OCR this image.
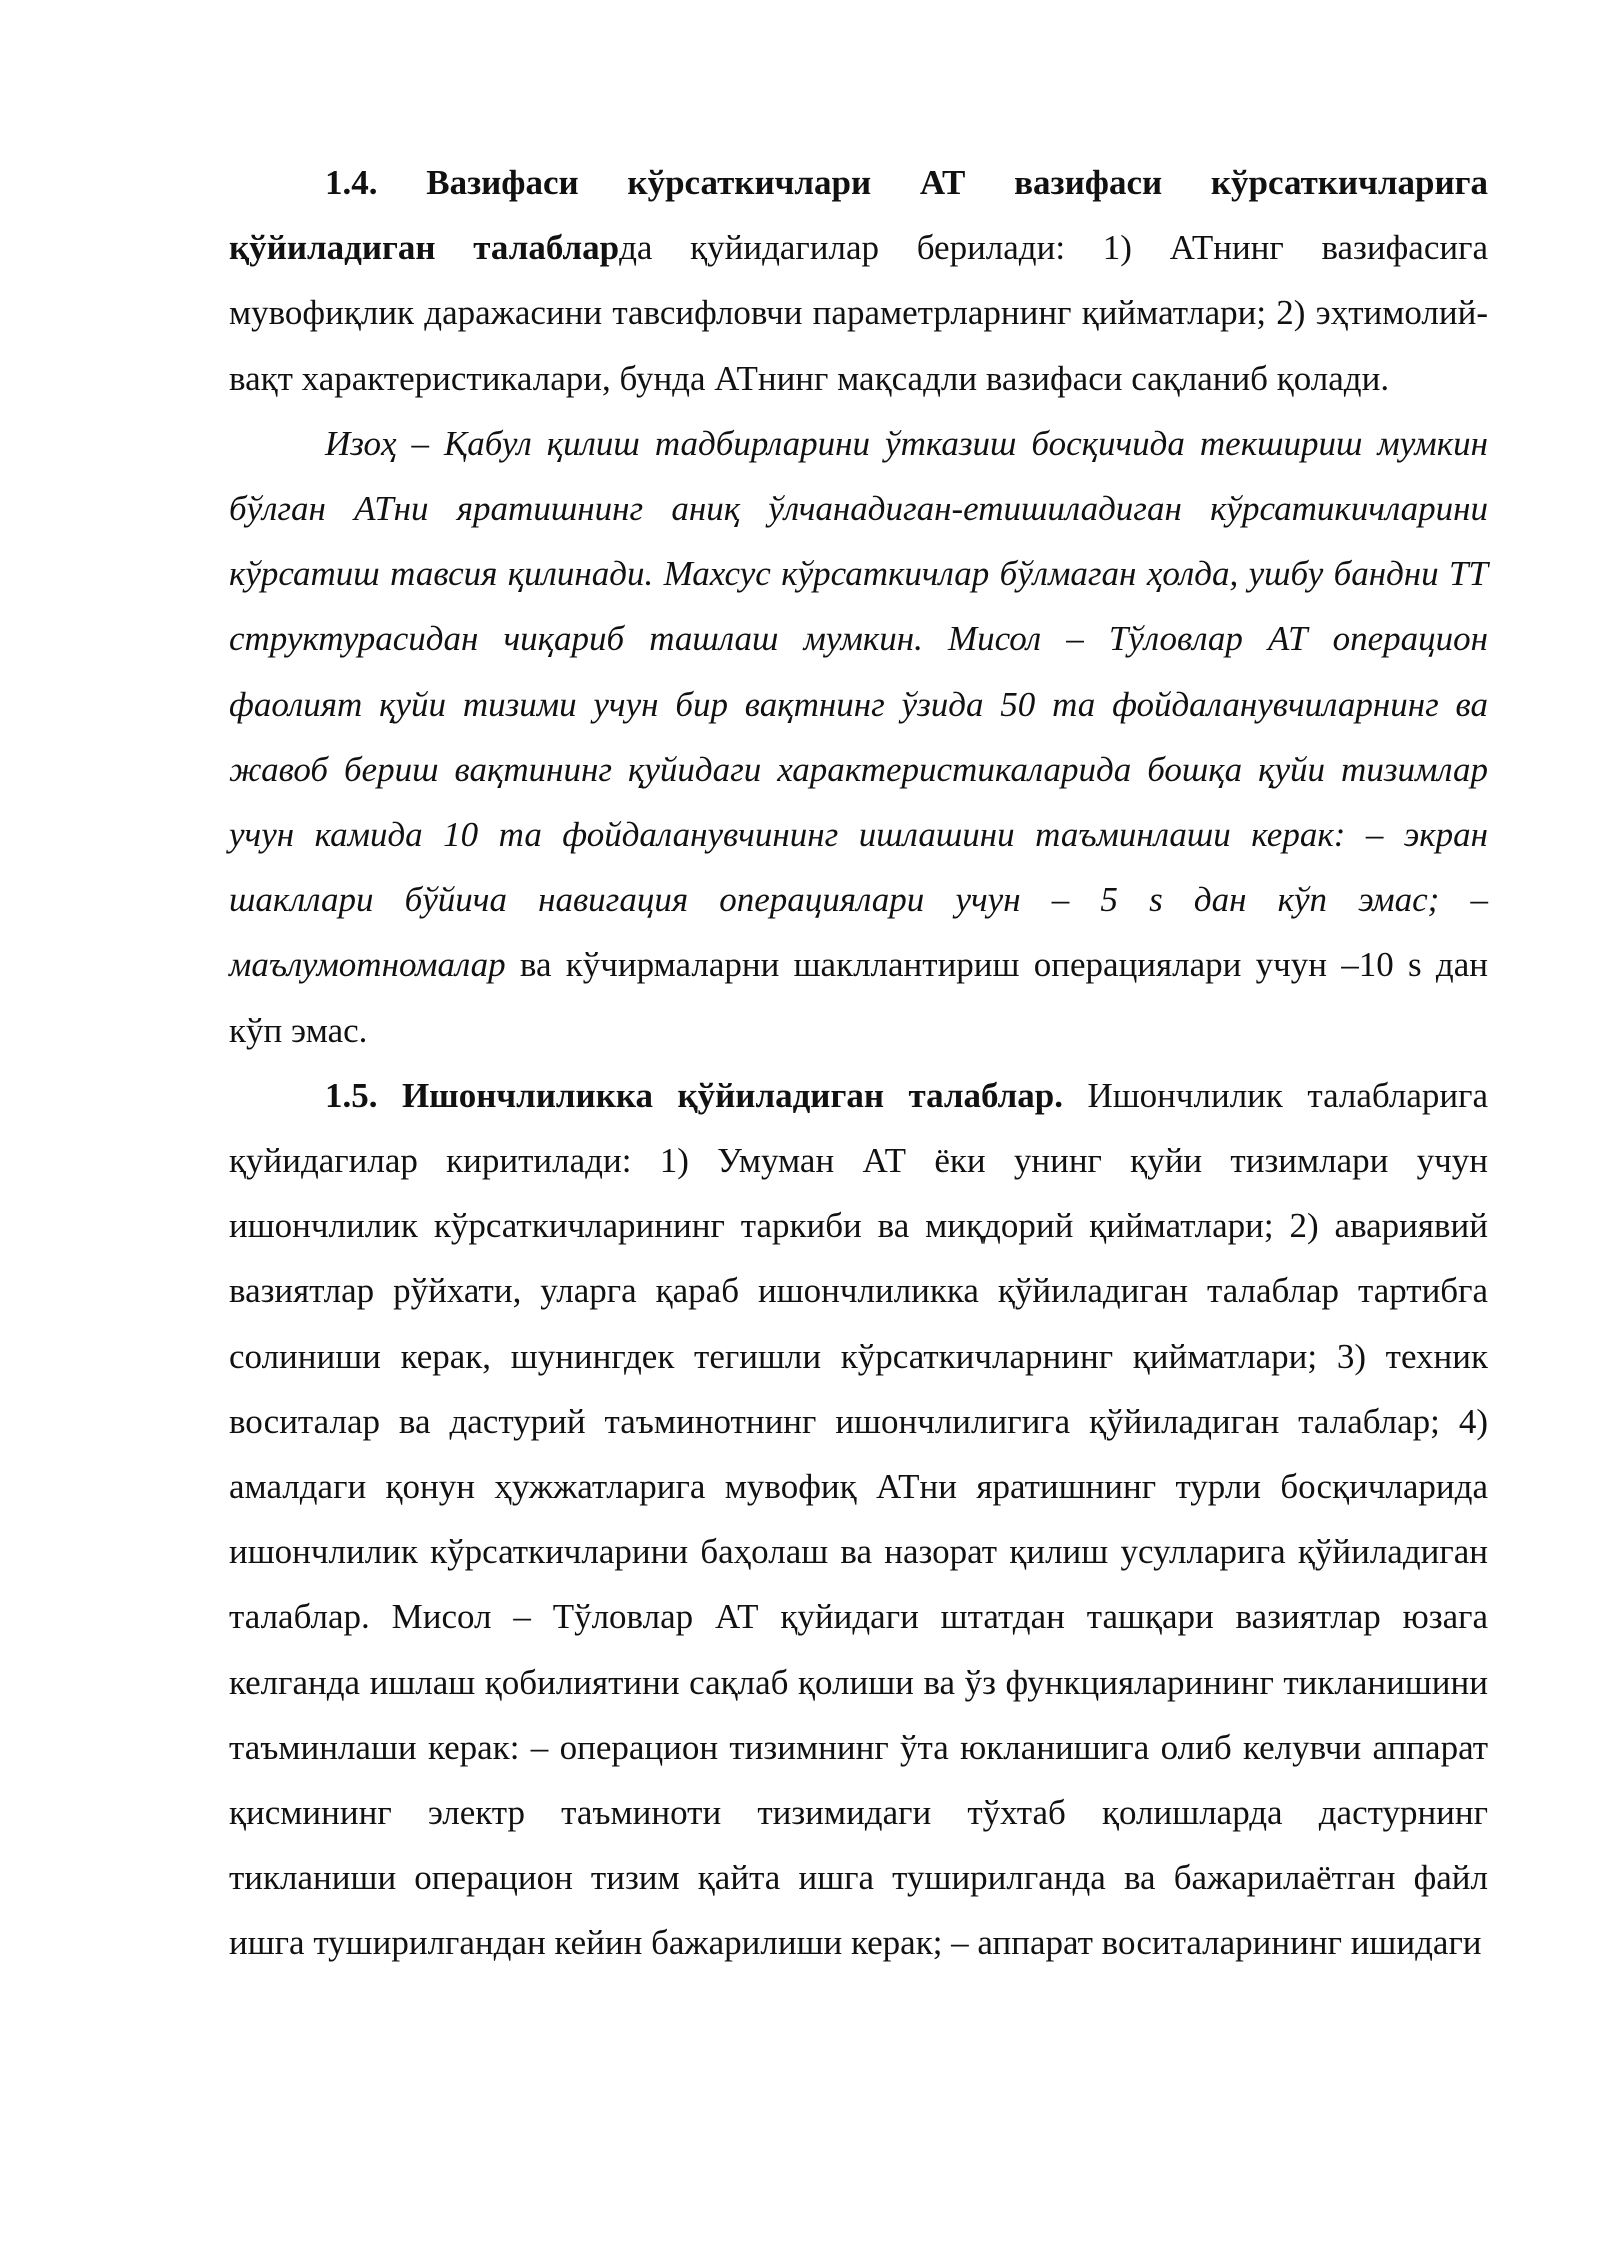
1.4. Вазифаси кўрсаткичлари АТ вазифаси кўрсаткичларига қўйиладиган талабларда қуйидагилар берилади: 1) АТнинг вазифасига мувофиқлик даражасини тавсифловчи параметрларнинг қийматлари; 2) эҳтимолий-вақт характеристикалари, бунда АТнинг мақсадли вазифаси сақланиб қолади.

Изоҳ – Қабул қилиш тадбирларини ўтказиш босқичида текшириш мумкин бўлган АТни яратишнинг аниқ ўлчанадиган-етишиладиган кўрсатикичларини кўрсатиш тавсия қилинади. Махсус кўрсаткичлар бўлмаган ҳолда, ушбу бандни ТТ структурасидан чиқариб ташлаш мумкин. Мисол – Тўловлар АТ операцион фаолият қуйи тизими учун бир вақтнинг ўзида 50 та фойдаланувчиларнинг ва жавоб бериш вақтининг қуйидаги характеристикаларида бошқа қуйи тизимлар учун камида 10 та фойдаланувчининг ишлашини таъминлаши керак: – экран шакллари бўйича навигация операциялари учун – 5 s дан кўп эмас; – маълумотномалар ва кўчирмаларни шакллантириш операциялари учун –10 s дан кўп эмас.

1.5. Ишончлиликка қўйиладиган талаблар. Ишончлилик талабларига қуйидагилар киритилади: 1) Умуман АТ ёки унинг қуйи тизимлари учун ишончлилик кўрсаткичларининг таркиби ва миқдорий қийматлари; 2) авариявий вазиятлар рўйхати, уларга қараб ишончлиликка қўйиладиган талаблар тартибга солиниши керак, шунингдек тегишли кўрсаткичларнинг қийматлари; 3) техник воситалар ва дастурий таъминотнинг ишончлилигига қўйиладиган талаблар; 4) амалдаги қонун ҳужжатларига мувофиқ АТни яратишнинг турли босқичларида ишончлилик кўрсаткичларини баҳолаш ва назорат қилиш усулларига қўйиладиган талаблар. Мисол – Тўловлар АТ қуйидаги штатдан ташқари вазиятлар юзага келганда ишлаш қобилиятини сақлаб қолиши ва ўз функцияларининг тикланишини таъминлаши керак: – операцион тизимнинг ўта юкланишига олиб келувчи аппарат қисмининг электр таъминоти тизимидаги тўхтаб қолишларда дастурнинг тикланиши операцион тизим қайта ишга туширилганда ва бажарилаётган файл ишга туширилгандан кейин бажарилиши керак; – аппарат воситаларининг ишидаги
